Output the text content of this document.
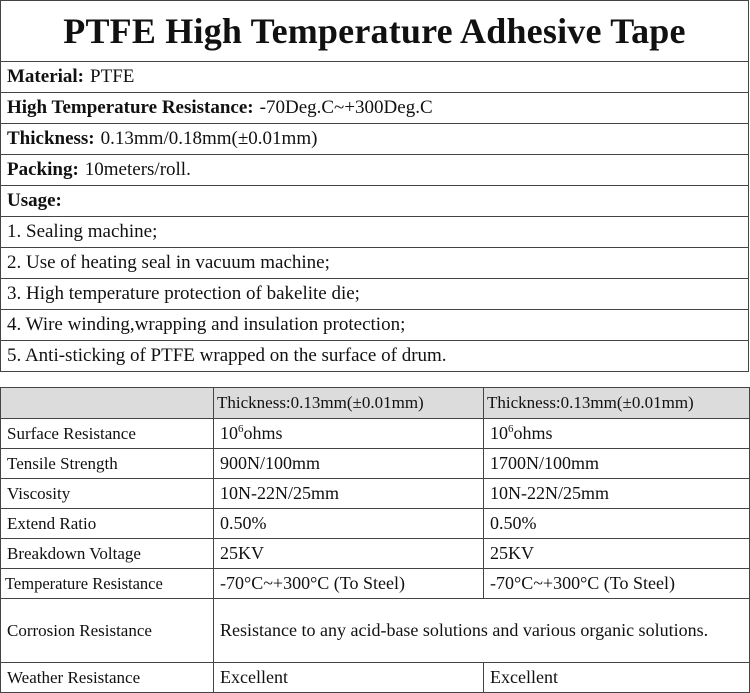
PTFE High Temperature Adhesive Tape
Material: PTFE
High Temperature Resistance: -70Deg.C~+300Deg.C
Thickness: 0.13mm/0.18mm(±0.01mm)
Packing: 10meters/roll.
Usage:
1. Sealing machine;
2. Use of heating seal in vacuum machine;
3. High temperature protection of bakelite die;
4. Wire winding,wrapping and insulation protection;
5. Anti-sticking of PTFE wrapped on the surface of drum.
	Thickness:0.13mm(±0.01mm)	Thickness:0.13mm(±0.01mm)
Surface Resistance	$10^6ohms$	$10^6ohms$
Tensile Strength	900N/100mm	1700N/100mm
Viscosity	10N-22N/25mm	10N-22N/25mm
Extend Ratio	0.50%	0.50%
Breakdown Voltage	25KV	25KV
Temperature Resistance	-70°C~+300°C (To Steel)	-70°C~+300°C (To Steel)
Corrosion Resistance	Resistance to any acid-base solutions and various organic solutions.	
Weather Resistance	Excellent	Excellent
